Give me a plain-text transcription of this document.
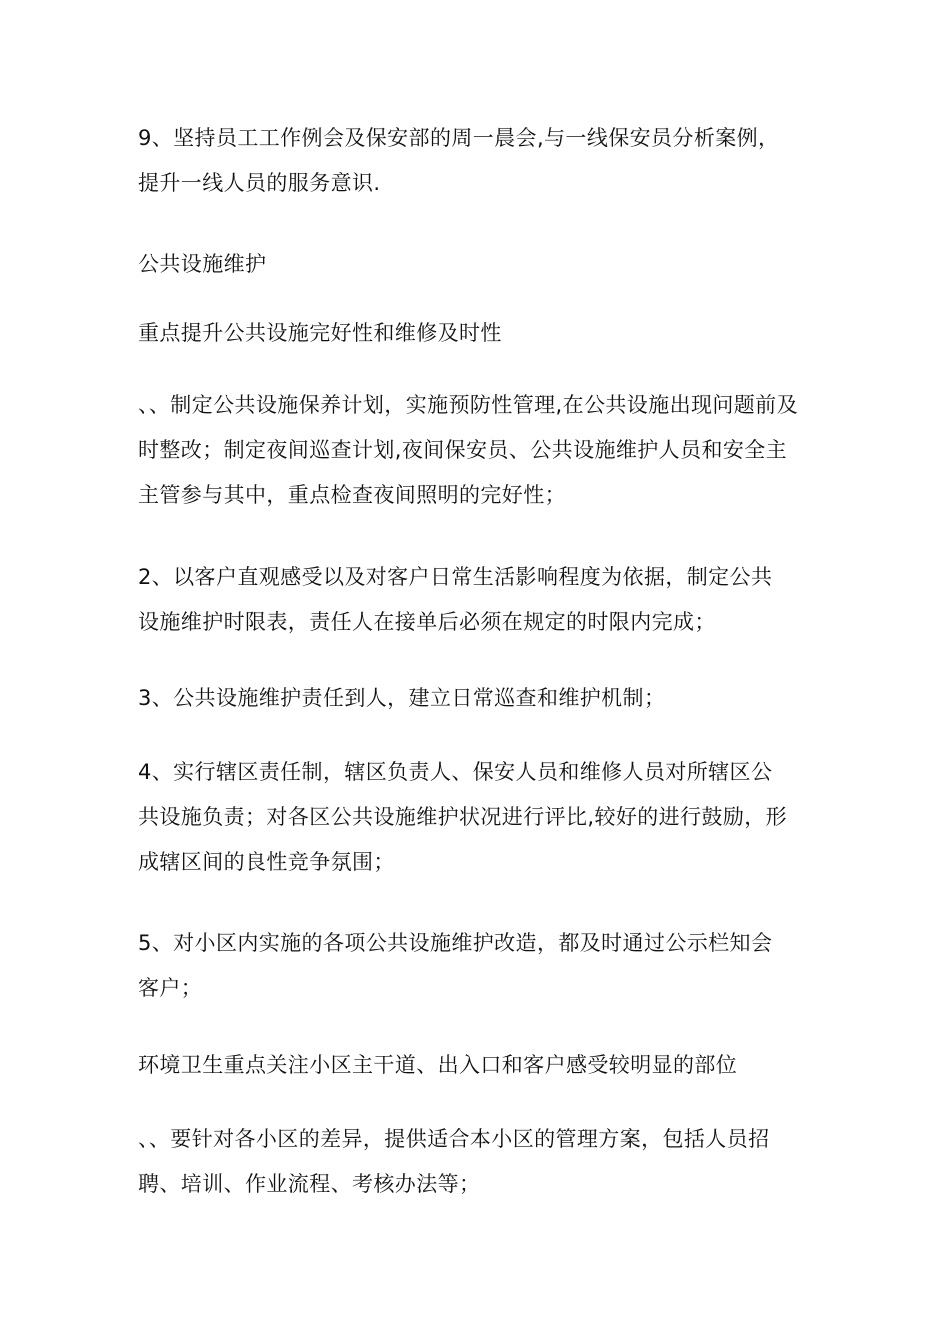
9、坚持员工工作例会及保安部的周一晨会,与一线保安员分析案例，
提升一线人员的服务意识.

公共设施维护

重点提升公共设施完好性和维修及时性

、、制定公共设施保养计划，实施预防性管理,在公共设施出现问题前及
时整改；制定夜间巡查计划,夜间保安员、公共设施维护人员和安全主
主管参与其中，重点检查夜间照明的完好性；

2、以客户直观感受以及对客户日常生活影响程度为依据，制定公共
设施维护时限表，责任人在接单后必须在规定的时限内完成；

3、公共设施维护责任到人，建立日常巡查和维护机制；

4、实行辖区责任制，辖区负责人、保安人员和维修人员对所辖区公
共设施负责；对各区公共设施维护状况进行评比,较好的进行鼓励，形
成辖区间的良性竞争氛围；

5、对小区内实施的各项公共设施维护改造，都及时通过公示栏知会
客户；

环境卫生重点关注小区主干道、出入口和客户感受较明显的部位

、、要针对各小区的差异，提供适合本小区的管理方案，包括人员招
聘、培训、作业流程、考核办法等；
